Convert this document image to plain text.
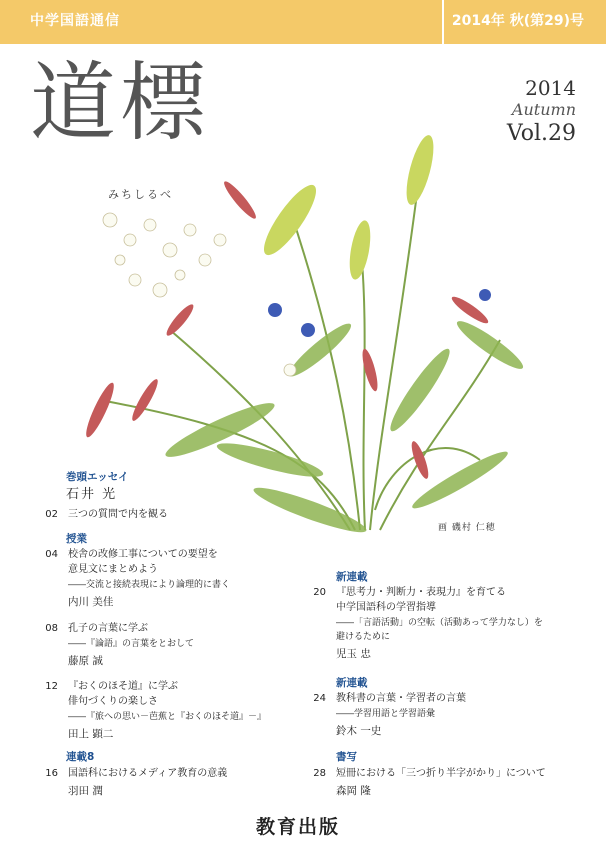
中学国語通信	2014年 秋(第29)号
道標
みちしるべ
2014
Autumn
Vol.29
画 磯村 仁穂
巻頭エッセイ
石井 光
02 三つの質問で内を観る
授業
04 校舎の改修工事についての要望を
意見文にまとめよう
――交流と接続表現により論理的に書く
内川 美佳
08 孔子の言葉に学ぶ
――『論語』の言葉をとおして
藤原 誠
12 『おくのほそ道』に学ぶ
俳句づくりの楽しさ
――『旅への思い－芭蕉と『おくのほそ道』－』
田上 顕二
連載8
16 国語科におけるメディア教育の意義
羽田 潤
新連載
20 『思考力・判断力・表現力』を育てる
中学国語科の学習指導
――「言語活動」の空転（活動あって学力なし）を
避けるために
児玉 忠
新連載
24 教科書の言葉・学習者の言葉
――学習用語と学習語彙
鈴木 一史
書写
28 短冊における「三つ折り半字がかり」について
森岡 隆
教育出版
